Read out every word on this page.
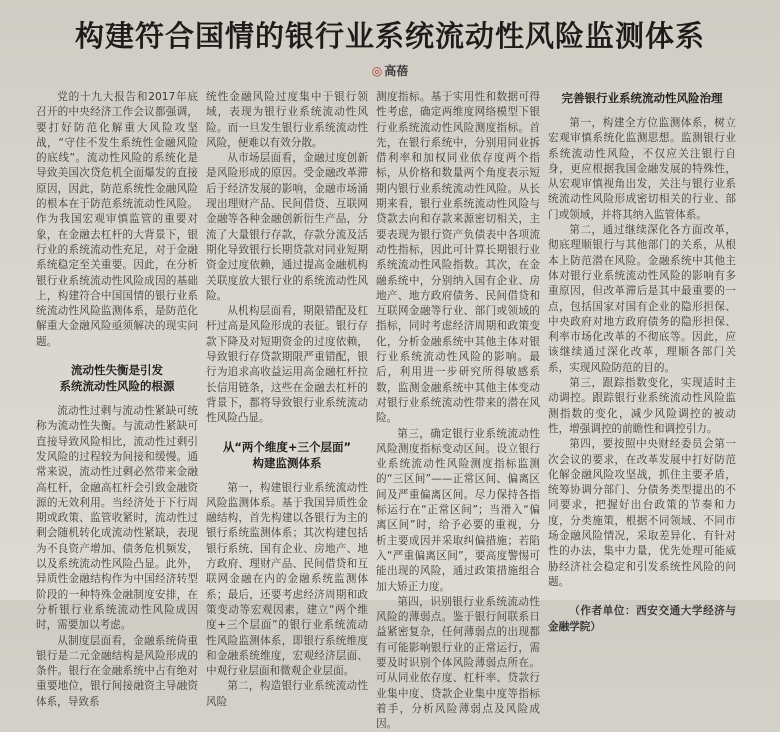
构建符合国情的银行业系统流动性风险监测体系
◎ 高蓓

党的十九大报告和2017年底召开的中央经济工作会议都强调，要打好防范化解重大风险攻坚战，“守住不发生系统性金融风险的底线”。流动性风险的系统化是导致美国次贷危机全面爆发的直接原因，因此，防范系统性金融风险的根本在于防范系统流动性风险。作为我国宏观审慎监管的重要对象，在金融去杠杆的大背景下，银行业的系统流动性充足，对于金融系统稳定至关重要。因此，在分析银行业系统流动性风险成因的基础上，构建符合中国国情的银行业系统流动性风险监测体系，是防范化解重大金融风险亟须解决的现实问题。

流动性失衡是引发
系统流动性风险的根源

流动性过剩与流动性紧缺可统称为流动性失衡。与流动性紧缺可直接导致风险相比，流动性过剩引发风险的过程较为间接和缓慢。通常来说，流动性过剩必然带来金融高杠杆，金融高杠杆会引致金融资源的无效利用。当经济处于下行周期或政策、监管收紧时，流动性过剩会随机转化成流动性紧缺，表现为不良资产增加、债务危机频发，以及系统流动性风险凸显。此外，异质性金融结构作为中国经济转型阶段的一种特殊金融制度安排，在分析银行业系统流动性风险成因时，需要加以考虑。

从制度层面看，金融系统倚重银行是二元金融结构是风险形成的条件。银行在金融系统中占有绝对重要地位，银行间接融资主导融资体系，导致系

统性金融风险过度集中于银行领域，表现为银行业系统流动性风险。而一旦发生银行业系统流动性风险，便难以有效分散。

从市场层面看，金融过度创新是风险形成的原因。受金融改革滞后于经济发展的影响，金融市场涌现出理财产品、民间借贷、互联网金融等各种金融创新衍生产品，分流了大量银行存款，存款分流及活期化导致银行长期贷款对同业短期资金过度依赖，通过提高金融机构关联度放大银行业的系统流动性风险。

从机构层面看，期限错配及杠杆过高是风险形成的表征。银行存款下降及对短期资金的过度依赖，导致银行存贷款期限严重错配，银行为追求高收益运用高金融杠杆拉长信用链条，这些在金融去杠杆的背景下，都将导致银行业系统流动性风险凸显。

从“两个维度+三个层面”
构建监测体系

第一，构建银行业系统流动性风险监测体系。基于我国异质性金融结构，首先构建以各银行为主的银行系统监测体系；其次构建包括银行系统、国有企业、房地产、地方政府、理财产品、民间借贷和互联网金融在内的金融系统监测体系；最后，还要考虑经济周期和政策变动等宏观因素，建立“两个维度+三个层面”的银行业系统流动性风险监测体系，即银行系统维度和金融系统维度，宏观经济层面、中观行业层面和微观企业层面。

第二，构造银行业系统流动性风险

测度指标。基于实用性和数据可得性考虑，确定两维度网络模型下银行业系统流动性风险测度指标。首先，在银行系统中，分别用同业拆借利率和加权同业依存度两个指标，从价格和数量两个角度表示短期内银行业系统流动性风险。从长期来看，银行业系统流动性风险与贷款去向和存款来源密切相关，主要表现为银行资产负债表中各项流动性指标，因此可计算长期银行业系统流动性风险指数。其次，在金融系统中，分别纳入国有企业、房地产、地方政府债务、民间借贷和互联网金融等行业、部门或领域的指标，同时考虑经济周期和政策变化，分析金融系统中其他主体对银行业系统流动性风险的影响。最后，利用进一步研究所得敏感系数，监测金融系统中其他主体变动对银行业系统流动性带来的潜在风险。

第三，确定银行业系统流动性风险测度指标变动区间。设立银行业系统流动性风险测度指标监测的“三区间”——正常区间、偏离区间及严重偏离区间。尽力保持各指标运行在“正常区间”；当滑入“偏离区间”时，给予必要的重视，分析主要成因并采取纠偏措施；若陷入“严重偏离区间”，要高度警惕可能出现的风险，通过政策措施组合加大矫正力度。

第四，识别银行业系统流动性风险的薄弱点。鉴于银行间联系日益紧密复杂，任何薄弱点的出现都有可能影响银行业的正常运行，需要及时识别个体风险薄弱点所在。可从同业依存度、杠杆率、贷款行业集中度、贷款企业集中度等指标着手，分析风险薄弱点及风险成因。

完善银行业系统流动性风险治理

第一，构建全方位监测体系，树立宏观审慎系统化监测思想。监测银行业系统流动性风险，不仅应关注银行自身，更应根据我国金融发展的特殊性，从宏观审慎视角出发，关注与银行业系统流动性风险形成密切相关的行业、部门或领域，并将其纳入监管体系。

第二，通过继续深化各方面改革，彻底理顺银行与其他部门的关系，从根本上防范潜在风险。金融系统中其他主体对银行业系统流动性风险的影响有多重原因，但改革滞后是其中最重要的一点，包括国家对国有企业的隐形担保、中央政府对地方政府债务的隐形担保、利率市场化改革的不彻底等。因此，应该继续通过深化改革，理顺各部门关系，实现风险防范的目的。

第三，跟踪指数变化，实现适时主动调控。跟踪银行业系统流动性风险监测指数的变化，减少风险调控的被动性，增强调控的前瞻性和调控引力。

第四，要按照中央财经委员会第一次会议的要求，在改革发展中打好防范化解金融风险攻坚战，抓住主要矛盾，统筹协调分部门、分债务类型提出的不同要求，把握好出台政策的节奏和力度，分类施策，根据不同领域、不同市场金融风险情况，采取差异化、有针对性的办法，集中力量，优先处理可能威胁经济社会稳定和引发系统性风险的问题。

（作者单位：西安交通大学经济与金融学院）
